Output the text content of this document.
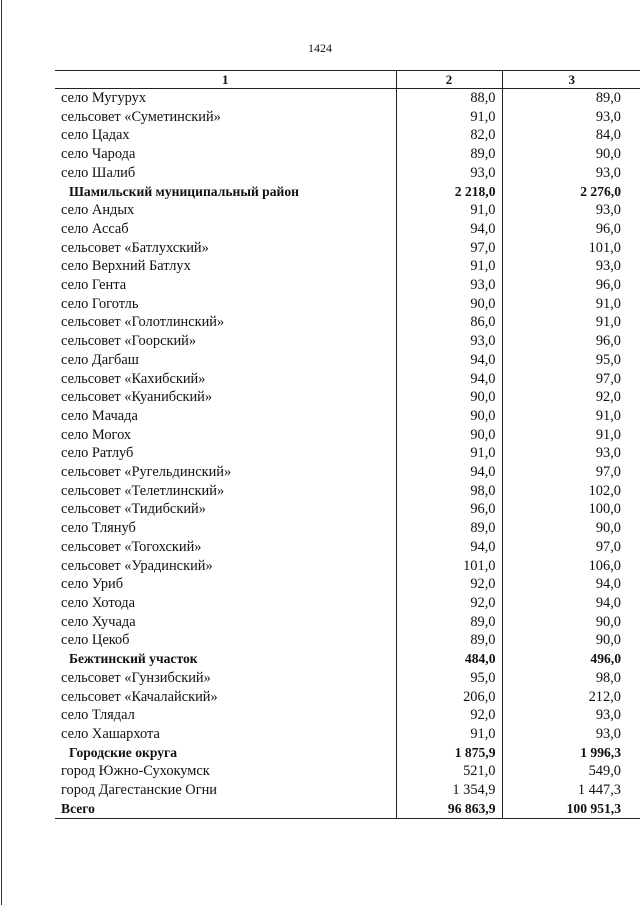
1424
1	2	3
село Мугурух	88,0	89,0
сельсовет «Суметинский»	91,0	93,0
село Цадах	82,0	84,0
село Чарода	89,0	90,0
село Шалиб	93,0	93,0
Шамильский муниципальный район	2 218,0	2 276,0
село Андых	91,0	93,0
село Ассаб	94,0	96,0
сельсовет «Батлухский»	97,0	101,0
село Верхний Батлух	91,0	93,0
село Гента	93,0	96,0
село Гоготль	90,0	91,0
сельсовет «Голотлинский»	86,0	91,0
сельсовет «Гоорский»	93,0	96,0
село Дагбаш	94,0	95,0
сельсовет «Кахибский»	94,0	97,0
сельсовет «Куанибский»	90,0	92,0
село Мачада	90,0	91,0
село Могох	90,0	91,0
село Ратлуб	91,0	93,0
сельсовет «Ругельдинский»	94,0	97,0
сельсовет «Телетлинский»	98,0	102,0
сельсовет «Тидибский»	96,0	100,0
село Тлянуб	89,0	90,0
сельсовет «Тогохский»	94,0	97,0
сельсовет «Урадинский»	101,0	106,0
село Уриб	92,0	94,0
село Хотода	92,0	94,0
село Хучада	89,0	90,0
село Цекоб	89,0	90,0
Бежтинский участок	484,0	496,0
сельсовет «Гунзибский»	95,0	98,0
сельсовет «Качалайский»	206,0	212,0
село Тлядал	92,0	93,0
село Хашархота	91,0	93,0
Городские округа	1 875,9	1 996,3
город Южно-Сухокумск	521,0	549,0
город Дагестанские Огни	1 354,9	1 447,3
Всего	96 863,9	100 951,3
